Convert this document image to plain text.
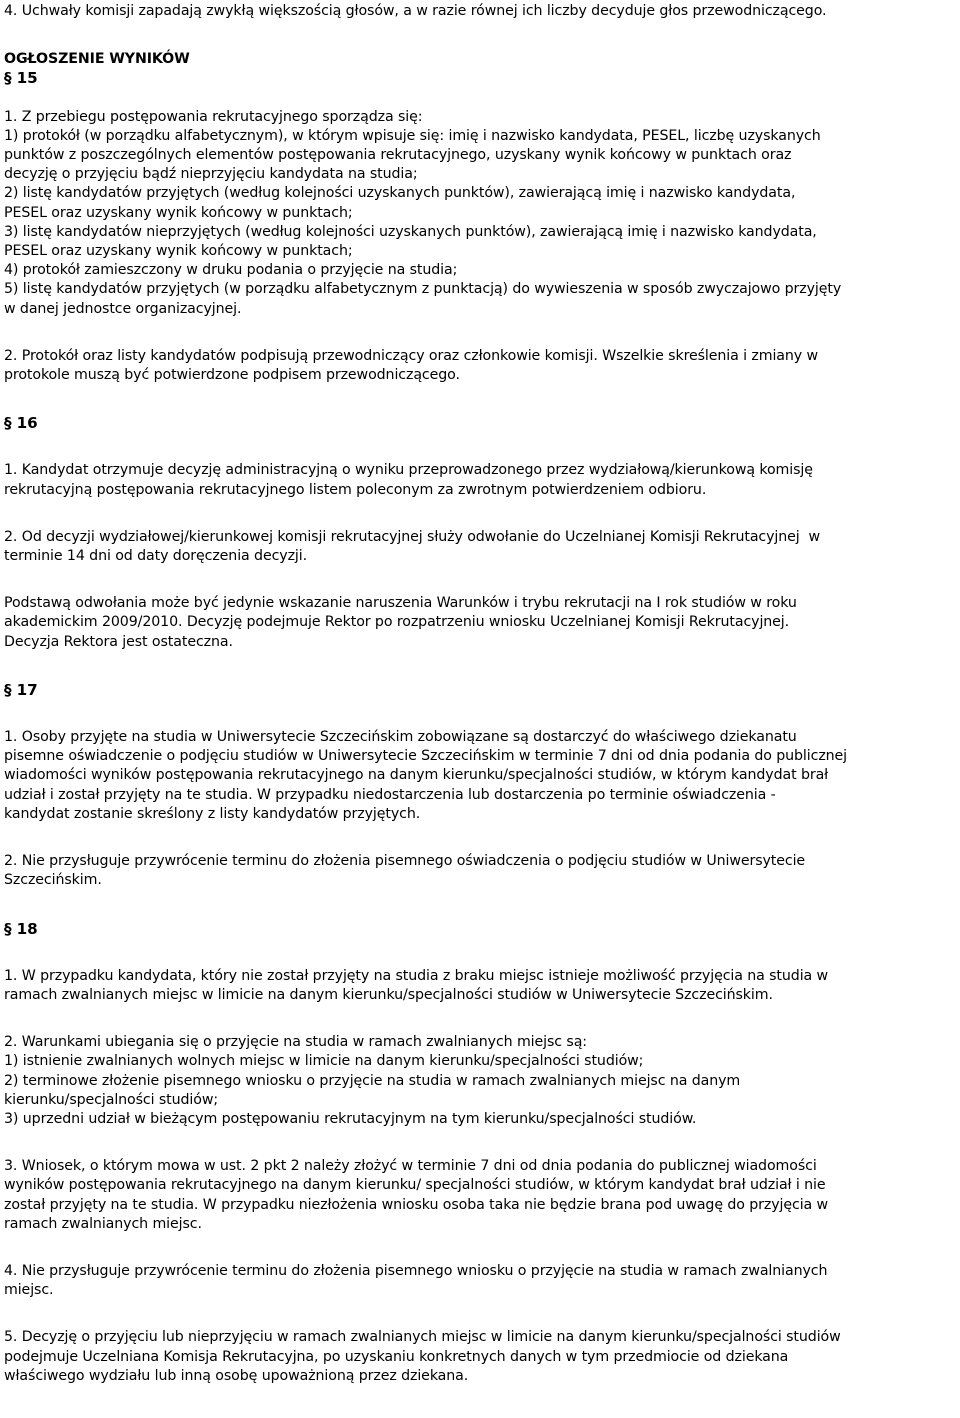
4. Uchwały komisji zapadają zwykłą większością głosów, a w razie równej ich liczby decyduje głos przewodniczącego.
OGŁOSZENIE WYNIKÓW
§ 15
1. Z przebiegu postępowania rekrutacyjnego sporządza się:
1) protokół (w porządku alfabetycznym), w którym wpisuje się: imię i nazwisko kandydata, PESEL, liczbę uzyskanych
punktów z poszczególnych elementów postępowania rekrutacyjnego, uzyskany wynik końcowy w punktach oraz
decyzję o przyjęciu bądź nieprzyjęciu kandydata na studia;
2) listę kandydatów przyjętych (według kolejności uzyskanych punktów), zawierającą imię i nazwisko kandydata,
PESEL oraz uzyskany wynik końcowy w punktach;
3) listę kandydatów nieprzyjętych (według kolejności uzyskanych punktów), zawierającą imię i nazwisko kandydata,
PESEL oraz uzyskany wynik końcowy w punktach;
4) protokół zamieszczony w druku podania o przyjęcie na studia;
5) listę kandydatów przyjętych (w porządku alfabetycznym z punktacją) do wywieszenia w sposób zwyczajowo przyjęty
w danej jednostce organizacyjnej.
2. Protokół oraz listy kandydatów podpisują przewodniczący oraz członkowie komisji. Wszelkie skreślenia i zmiany w
protokole muszą być potwierdzone podpisem przewodniczącego.
§ 16
1. Kandydat otrzymuje decyzję administracyjną o wyniku przeprowadzonego przez wydziałową/kierunkową komisję
rekrutacyjną postępowania rekrutacyjnego listem poleconym za zwrotnym potwierdzeniem odbioru.
2. Od decyzji wydziałowej/kierunkowej komisji rekrutacyjnej służy odwołanie do Uczelnianej Komisji Rekrutacyjnej  w
terminie 14 dni od daty doręczenia decyzji.
Podstawą odwołania może być jedynie wskazanie naruszenia Warunków i trybu rekrutacji na I rok studiów w roku
akademickim 2009/2010. Decyzję podejmuje Rektor po rozpatrzeniu wniosku Uczelnianej Komisji Rekrutacyjnej.
Decyzja Rektora jest ostateczna.
§ 17
1. Osoby przyjęte na studia w Uniwersytecie Szczecińskim zobowiązane są dostarczyć do właściwego dziekanatu
pisemne oświadczenie o podjęciu studiów w Uniwersytecie Szczecińskim w terminie 7 dni od dnia podania do publicznej
wiadomości wyników postępowania rekrutacyjnego na danym kierunku/specjalności studiów, w którym kandydat brał
udział i został przyjęty na te studia. W przypadku niedostarczenia lub dostarczenia po terminie oświadczenia -
kandydat zostanie skreślony z listy kandydatów przyjętych.
2. Nie przysługuje przywrócenie terminu do złożenia pisemnego oświadczenia o podjęciu studiów w Uniwersytecie
Szczecińskim.
§ 18
1. W przypadku kandydata, który nie został przyjęty na studia z braku miejsc istnieje możliwość przyjęcia na studia w
ramach zwalnianych miejsc w limicie na danym kierunku/specjalności studiów w Uniwersytecie Szczecińskim.
2. Warunkami ubiegania się o przyjęcie na studia w ramach zwalnianych miejsc są:
1) istnienie zwalnianych wolnych miejsc w limicie na danym kierunku/specjalności studiów;
2) terminowe złożenie pisemnego wniosku o przyjęcie na studia w ramach zwalnianych miejsc na danym
kierunku/specjalności studiów;
3) uprzedni udział w bieżącym postępowaniu rekrutacyjnym na tym kierunku/specjalności studiów.
3. Wniosek, o którym mowa w ust. 2 pkt 2 należy złożyć w terminie 7 dni od dnia podania do publicznej wiadomości
wyników postępowania rekrutacyjnego na danym kierunku/ specjalności studiów, w którym kandydat brał udział i nie
został przyjęty na te studia. W przypadku niezłożenia wniosku osoba taka nie będzie brana pod uwagę do przyjęcia w
ramach zwalnianych miejsc.
4. Nie przysługuje przywrócenie terminu do złożenia pisemnego wniosku o przyjęcie na studia w ramach zwalnianych
miejsc.
5. Decyzję o przyjęciu lub nieprzyjęciu w ramach zwalnianych miejsc w limicie na danym kierunku/specjalności studiów
podejmuje Uczelniana Komisja Rekrutacyjna, po uzyskaniu konkretnych danych w tym przedmiocie od dziekana
właściwego wydziału lub inną osobę upoważnioną przez dziekana.
